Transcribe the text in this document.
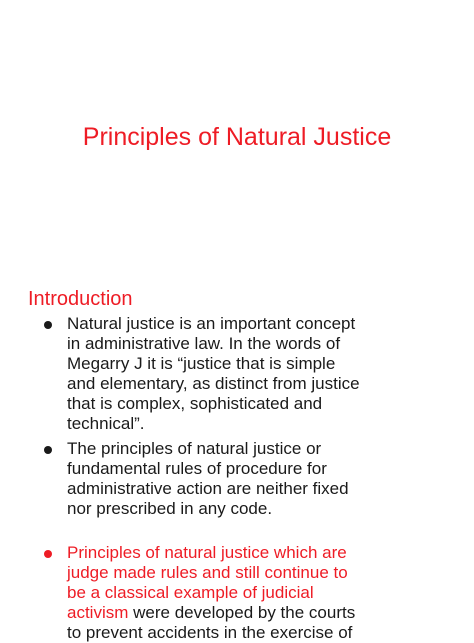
Principles of Natural Justice
Introduction
Natural justice is an important concept
in administrative law. In the words of
Megarry J it is “justice that is simple
and elementary, as distinct from justice
that is complex, sophisticated and
technical”.
The principles of natural justice or
fundamental rules of procedure for
administrative action are neither fixed
nor prescribed in any code.
Principles of natural justice which are
judge made rules and still continue to
be a classical example of judicial
activism were developed by the courts
to prevent accidents in the exercise of
